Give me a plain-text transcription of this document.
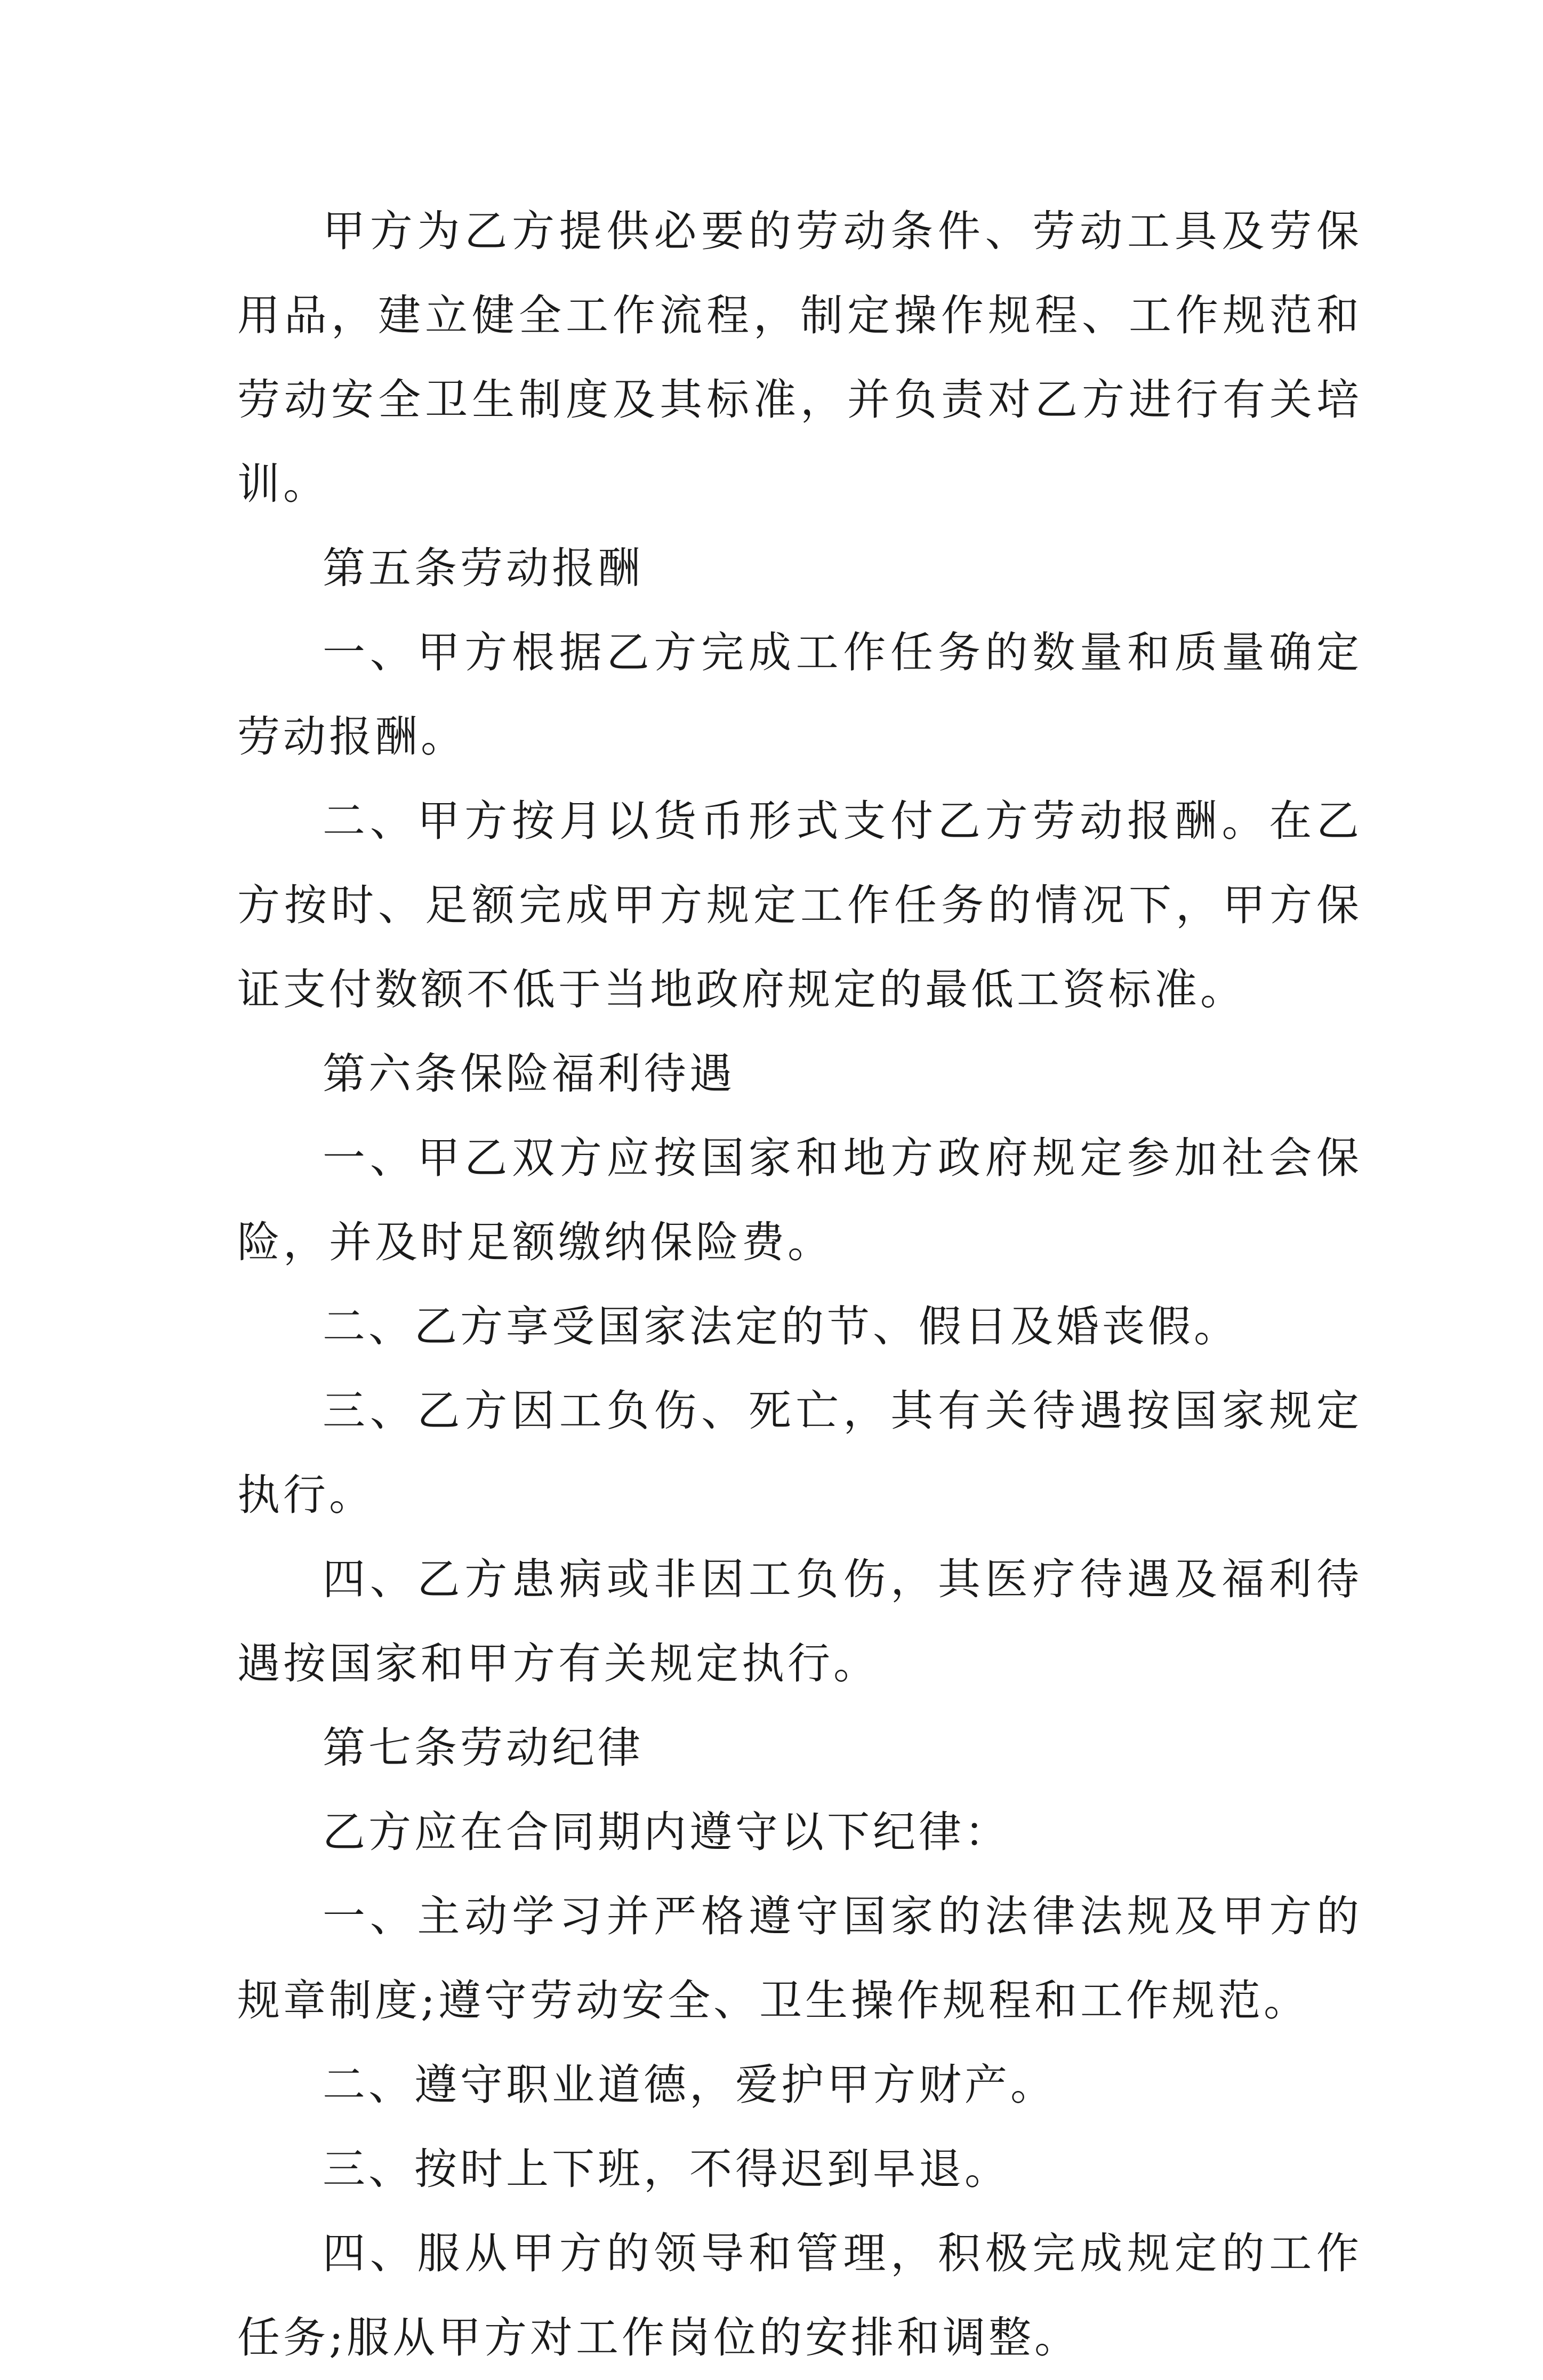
甲方为乙方提供必要的劳动条件、劳动工具及劳保用品，建立健全工作流程，制定操作规程、工作规范和劳动安全卫生制度及其标准，并负责对乙方进行有关培训。

第五条劳动报酬

一、甲方根据乙方完成工作任务的数量和质量确定劳动报酬。

二、甲方按月以货币形式支付乙方劳动报酬。在乙方按时、足额完成甲方规定工作任务的情况下，甲方保证支付数额不低于当地政府规定的最低工资标准。

第六条保险福利待遇

一、甲乙双方应按国家和地方政府规定参加社会保险，并及时足额缴纳保险费。

二、乙方享受国家法定的节、假日及婚丧假。

三、乙方因工负伤、死亡，其有关待遇按国家规定执行。

四、乙方患病或非因工负伤，其医疗待遇及福利待遇按国家和甲方有关规定执行。

第七条劳动纪律

乙方应在合同期内遵守以下纪律：

一、主动学习并严格遵守国家的法律法规及甲方的规章制度;遵守劳动安全、卫生操作规程和工作规范。

二、遵守职业道德，爱护甲方财产。

三、按时上下班，不得迟到早退。

四、服从甲方的领导和管理，积极完成规定的工作任务;服从甲方对工作岗位的安排和调整。
